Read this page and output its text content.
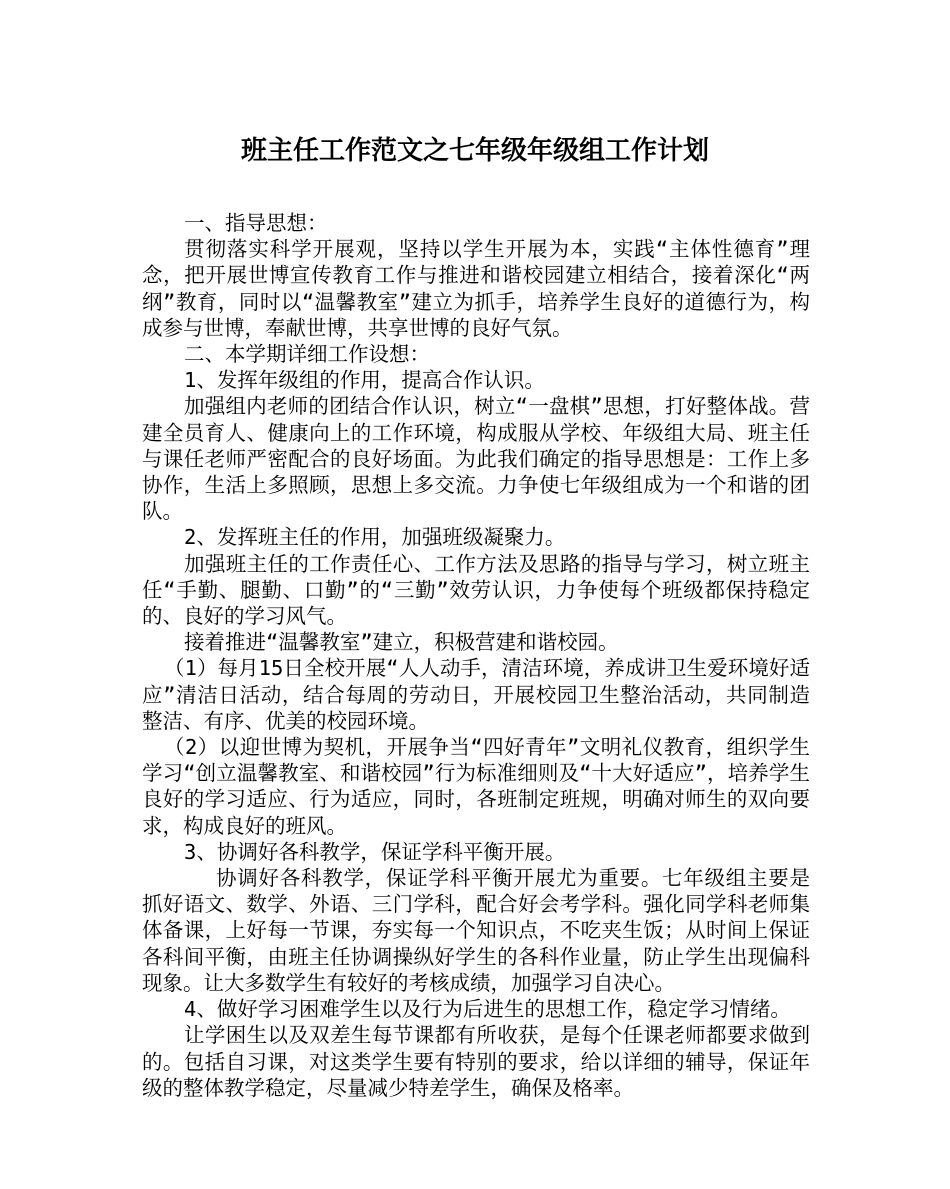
班主任工作范文之七年级年级组工作计划

一、指导思想：

贯彻落实科学开展观，坚持以学生开展为本，实践“主体性德育”理念，把开展世博宣传教育工作与推进和谐校园建立相结合，接着深化“两纲”教育，同时以“温馨教室”建立为抓手，培养学生良好的道德行为，构成参与世博，奉献世博，共享世博的良好气氛。

二、本学期详细工作设想：

1、发挥年级组的作用，提高合作认识。

加强组内老师的团结合作认识，树立“一盘棋”思想，打好整体战。营建全员育人、健康向上的工作环境，构成服从学校、年级组大局、班主任与课任老师严密配合的良好场面。为此我们确定的指导思想是：工作上多协作，生活上多照顾，思想上多交流。力争使七年级组成为一个和谐的团队。

2、发挥班主任的作用，加强班级凝聚力。

加强班主任的工作责任心、工作方法及思路的指导与学习，树立班主任“手勤、腿勤、口勤”的“三勤”效劳认识，力争使每个班级都保持稳定的、良好的学习风气。

接着推进“温馨教室”建立，积极营建和谐校园。

（1）每月15日全校开展“人人动手，清洁环境，养成讲卫生爱环境好适应”清洁日活动，结合每周的劳动日，开展校园卫生整治活动，共同制造整洁、有序、优美的校园环境。

（2）以迎世博为契机，开展争当“四好青年”文明礼仪教育，组织学生学习“创立温馨教室、和谐校园”行为标准细则及“十大好适应”，培养学生良好的学习适应、行为适应，同时，各班制定班规，明确对师生的双向要求，构成良好的班风。

3、协调好各科教学，保证学科平衡开展。

协调好各科教学，保证学科平衡开展尤为重要。七年级组主要是抓好语文、数学、外语、三门学科，配合好会考学科。强化同学科老师集体备课，上好每一节课，夯实每一个知识点，不吃夹生饭；从时间上保证各科间平衡，由班主任协调操纵好学生的各科作业量，防止学生出现偏科现象。让大多数学生有较好的考核成绩，加强学习自决心。

4、做好学习困难学生以及行为后进生的思想工作，稳定学习情绪。

让学困生以及双差生每节课都有所收获，是每个任课老师都要求做到的。包括自习课，对这类学生要有特别的要求，给以详细的辅导，保证年级的整体教学稳定，尽量减少特差学生，确保及格率。
